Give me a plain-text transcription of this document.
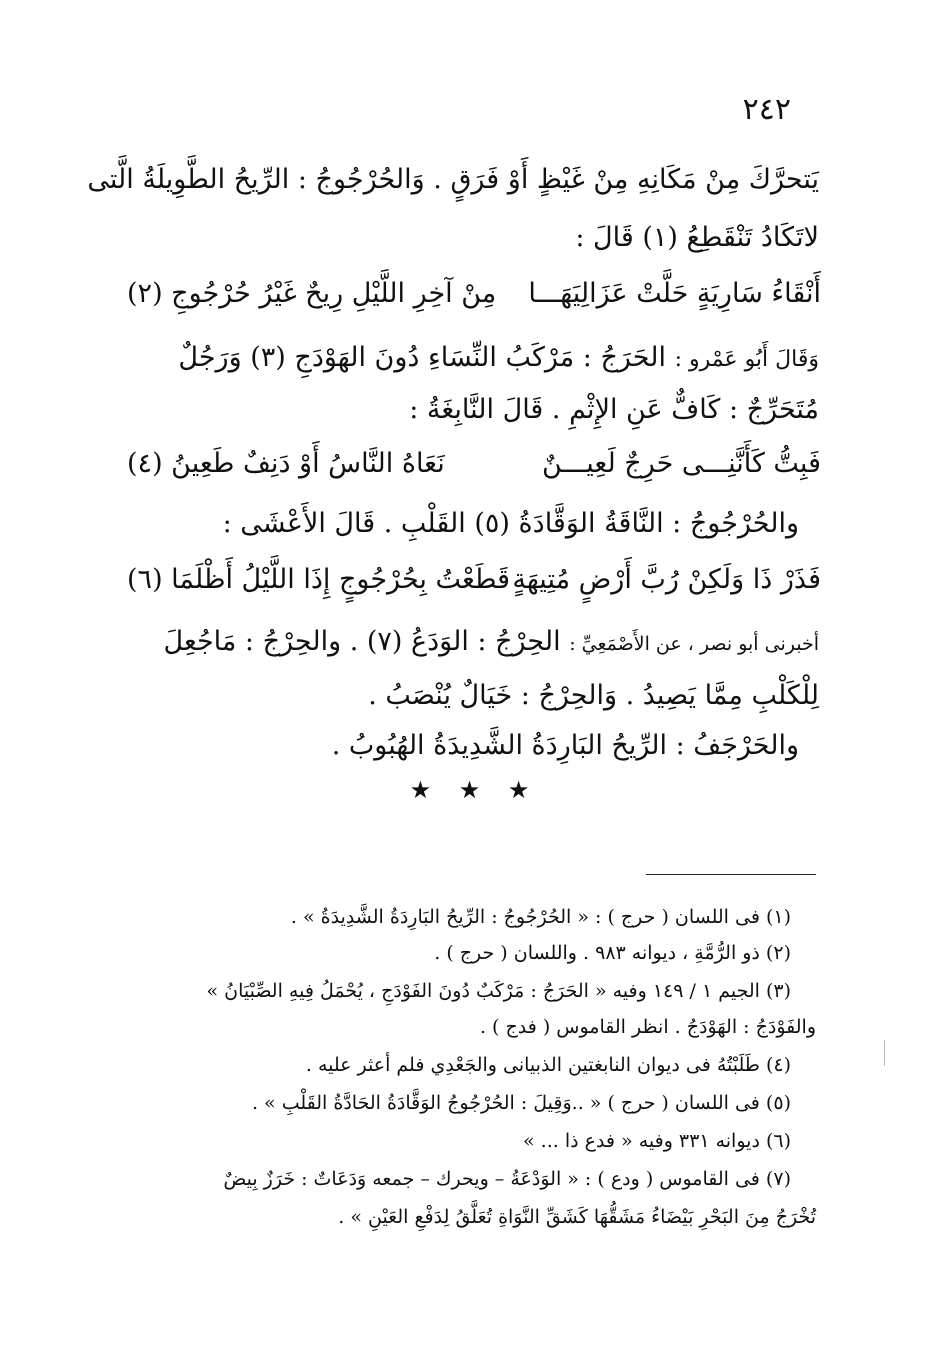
٢٤٢
يَتحرَّكَ مِنْ مَكَانِهِ مِنْ غَيْظٍ أَوْ فَرَقٍ . وَالحُرْجُوجُ : الرِّيحُ الطَّوِيلَةُ الَّتى
لاتَكَادُ تَنْقَطِعُ (١) قَالَ :
أَنْقَاءُ سَارِيَةٍ حَلَّتْ عَزَالِيَهَـــا
مِنْ آخِرِ اللَّيْلِ رِيحٌ غَيْرُ حُرْجُوجِ (٢)
وَقَالَ أَبُو عَمْرو : الحَرَجُ : مَرْكَبُ النِّسَاءِ دُونَ الهَوْدَجِ (٣) وَرَجُلٌ
مُتَحَرِّجٌ : كَافٌّ عَنِ الإِثْمِ . قَالَ النَّابِغَةُ :
فَبِتُّ كَأَنَّنِـــى حَرِجٌ لَعِيـــنٌ
نَعَاهُ النَّاسُ أَوْ دَنِفٌ طَعِينُ (٤)
والحُرْجُوجُ : النَّاقَةُ الوَقَّادَةُ (٥) القَلْبِ . قَالَ الأَعْشَى :
فَذَرْ ذَا وَلَكِنْ رُبَّ أَرْضٍ مُتِيهَةٍ
قَطَعْتُ بِحُرْجُوجٍ إِذَا اللَّيْلُ أَظْلَمَا (٦)
أخبرنى أبو نصر ، عن الأَصْمَعِيِّ : الحِرْجُ : الوَدَعُ (٧) . والحِرْجُ : مَاجُعِلَ
لِلْكَلْبِ مِمَّا يَصِيدُ . وَالحِرْجُ : خَيَالٌ يُنْصَبُ .
والحَرْجَفُ : الرِّيحُ البَارِدَةُ الشَّدِيدَةُ الهُبُوبُ .
★ ★ ★
(١) فى اللسان ( حرج ) : « الحُرْجُوجُ : الرِّيحُ البَارِدَةُ الشَّدِيدَةُ » .
(٢) ذو الرُّمَّةِ ، ديوانه ٩٨٣ . واللسان ( حرج ) .
(٣) الجيم ١ / ١٤٩ وفيه « الحَرَجُ : مَرْكَبٌ دُونَ الفَوْدَجِ ، يُحْمَلُ فِيهِ الصِّبْيَانُ »
والفَوْدَجُ : الهَوْدَجُ . انظر القاموس ( فدج ) .
(٤) طَلَبْتُهُ فى ديوان النابغتين الذبيانى والجَعْدِي فلم أعثر عليه .
(٥) فى اللسان ( حرج ) « ..وَقِيلَ : الحُرْجُوجُ الوَقَّادَةُ الحَادَّةُ القَلْبِ » .
(٦) ديوانه ٣٣١ وفيه « فدع ذا ... »
(٧) فى القاموس ( ودع ) : « الوَدْعَةُ – ويحرك – جمعه وَدَعَاتٌ : خَرَزٌ بِيضٌ
تُخْرَجُ مِنَ البَحْرِ بَيْضَاءُ مَشَقُّهَا كَشَقِّ النَّوَاةِ تُعَلَّقُ لِدَفْعِ العَيْنِ » .
